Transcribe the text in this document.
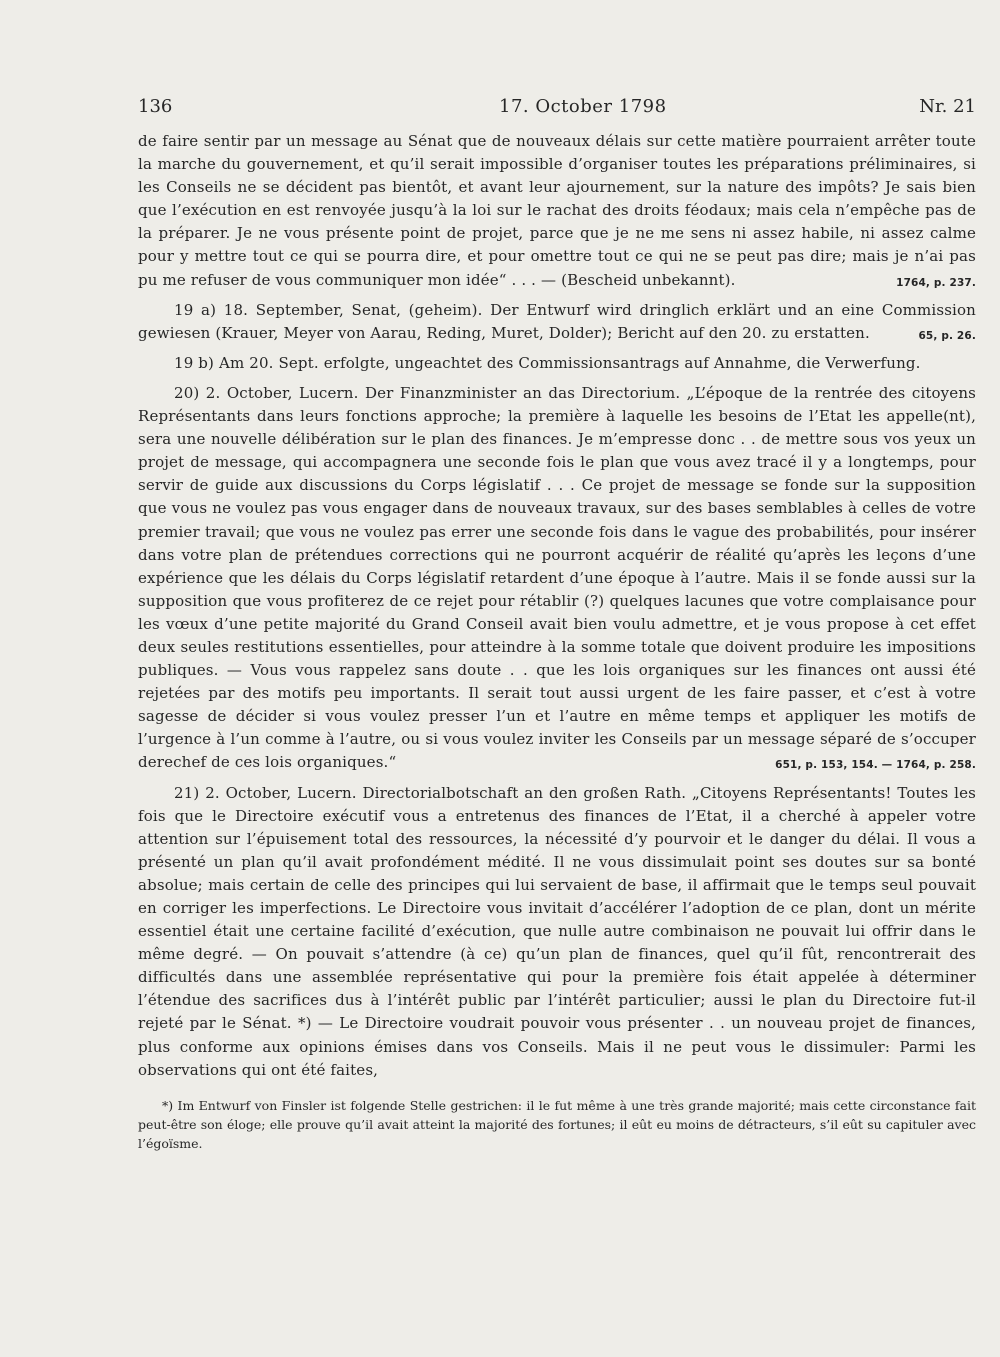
136	17. October 1798	Nr. 21

de faire sentir par un message au Sénat que de nouveaux délais sur cette matière pourraient arrêter toute la marche du gouvernement, et qu’il serait impossible d’organiser toutes les préparations préliminaires, si les Conseils ne se décident pas bientôt, et avant leur ajournement, sur la nature des impôts? Je sais bien que l’exécution en est renvoyée jusqu’à la loi sur le rachat des droits féodaux; mais cela n’empêche pas de la préparer. Je ne vous présente point de projet, parce que je ne me sens ni assez habile, ni assez calme pour y mettre tout ce qui se pourra dire, et pour omettre tout ce qui ne se peut pas dire; mais je n’ai pas pu me refuser de vous communiquer mon idée“ . . . — (Bescheid unbekannt).	1764, p. 237.

19 a) 18. September, Senat, (geheim). Der Entwurf wird dringlich erklärt und an eine Commission gewiesen (Krauer, Meyer von Aarau, Reding, Muret, Dolder); Bericht auf den 20. zu erstatten.	65, p. 26.

19 b) Am 20. Sept. erfolgte, ungeachtet des Commissionsantrags auf Annahme, die Verwerfung.

20) 2. October, Lucern. Der Finanzminister an das Directorium. „L’époque de la rentrée des citoyens Représentants dans leurs fonctions approche; la première à laquelle les besoins de l’Etat les appelle(nt), sera une nouvelle délibération sur le plan des finances. Je m’empresse donc . . de mettre sous vos yeux un projet de message, qui accompagnera une seconde fois le plan que vous avez tracé il y a longtemps, pour servir de guide aux discussions du Corps législatif . . . Ce projet de message se fonde sur la supposition que vous ne voulez pas vous engager dans de nouveaux travaux, sur des bases semblables à celles de votre premier travail; que vous ne voulez pas errer une seconde fois dans le vague des probabilités, pour insérer dans votre plan de prétendues corrections qui ne pourront acquérir de réalité qu’après les leçons d’une expérience que les délais du Corps législatif retardent d’une époque à l’autre. Mais il se fonde aussi sur la supposition que vous profiterez de ce rejet pour rétablir (?) quelques lacunes que votre complaisance pour les vœux d’une petite majorité du Grand Conseil avait bien voulu admettre, et je vous propose à cet effet deux seules restitutions essentielles, pour atteindre à la somme totale que doivent produire les impositions publiques. — Vous vous rappelez sans doute . . que les lois organiques sur les finances ont aussi été rejetées par des motifs peu importants. Il serait tout aussi urgent de les faire passer, et c’est à votre sagesse de décider si vous voulez presser l’un et l’autre en même temps et appliquer les motifs de l’urgence à l’un comme à l’autre, ou si vous voulez inviter les Conseils par un message séparé de s’occuper derechef de ces lois organiques.“	651, p. 153, 154. — 1764, p. 258.

21) 2. October, Lucern. Directorialbotschaft an den großen Rath. „Citoyens Représentants! Toutes les fois que le Directoire exécutif vous a entretenus des finances de l’Etat, il a cherché à appeler votre attention sur l’épuisement total des ressources, la nécessité d’y pourvoir et le danger du délai. Il vous a présenté un plan qu’il avait profondément médité. Il ne vous dissimulait point ses doutes sur sa bonté absolue; mais certain de celle des principes qui lui servaient de base, il affirmait que le temps seul pouvait en corriger les imperfections. Le Directoire vous invitait d’accélérer l’adoption de ce plan, dont un mérite essentiel était une certaine facilité d’exécution, que nulle autre combinaison ne pouvait lui offrir dans le même degré. — On pouvait s’attendre (à ce) qu’un plan de finances, quel qu’il fût, rencontrerait des difficultés dans une assemblée représentative qui pour la première fois était appelée à déterminer l’étendue des sacrifices dus à l’intérêt public par l’intérêt particulier; aussi le plan du Directoire fut-il rejeté par le Sénat. *) — Le Directoire voudrait pouvoir vous présenter . . un nouveau projet de finances, plus conforme aux opinions émises dans vos Conseils. Mais il ne peut vous le dissimuler: Parmi les observations qui ont été faites,

*) Im Entwurf von Finsler ist folgende Stelle gestrichen: il le fut même à une très grande majorité; mais cette circonstance fait peut-être son éloge; elle prouve qu’il avait atteint la majorité des fortunes; il eût eu moins de détracteurs, s’il eût su capituler avec l’égoïsme.
